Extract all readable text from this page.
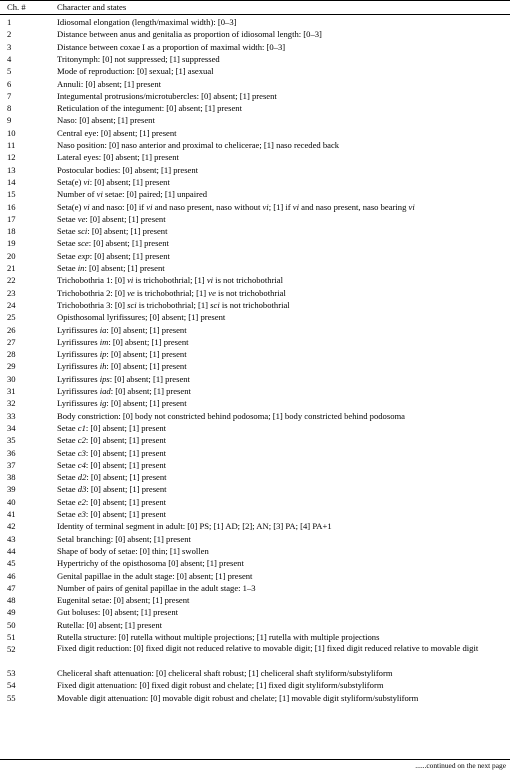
Ch. #	Character and states
1	Idiosomal elongation (length/maximal width): [0–3]
2	Distance between anus and genitalia as proportion of idiosomal length: [0–3]
3	Distance between coxae I as a proportion of maximal width: [0–3]
4	Tritonymph: [0] not suppressed; [1] suppressed
5	Mode of reproduction: [0] sexual; [1] asexual
6	Annuli: [0] absent; [1] present
7	Integumental protrusions/microtubercles: [0] absent; [1] present
8	Reticulation of the integument: [0] absent; [1] present
9	Naso: [0] absent; [1] present
10	Central eye: [0] absent; [1] present
11	Naso position: [0] naso anterior and proximal to chelicerae; [1] naso receded back
12	Lateral eyes: [0] absent; [1] present
13	Postocular bodies: [0] absent; [1] present
14	Seta(e) vi: [0] absent; [1] present
15	Number of vi setae: [0] paired; [1] unpaired
16	Seta(e) vi and naso: [0] if vi and naso present, naso without vi; [1] if vi and naso present, naso bearing vi
17	Setae ve: [0] absent; [1] present
18	Setae sci: [0] absent; [1] present
19	Setae sce: [0] absent; [1] present
20	Setae exp: [0] absent; [1] present
21	Setae in: [0] absent; [1] present
22	Trichobothria 1: [0] vi is trichobothrial; [1] vi is not trichobothrial
23	Trichobothria 2: [0] ve is trichobothrial; [1] ve is not trichobothrial
24	Trichobothria 3: [0] sci is trichobothrial; [1] sci is not trichobothrial
25	Opisthosomal lyrifissures; [0] absent; [1] present
26	Lyrifissures ia: [0] absent; [1] present
27	Lyrifissures im: [0] absent; [1] present
28	Lyrifissures ip: [0] absent; [1] present
29	Lyrifissures ih: [0] absent; [1] present
30	Lyrifissures ips: [0] absent; [1] present
31	Lyrifissures iad: [0] absent; [1] present
32	Lyrifissures ig: [0] absent; [1] present
33	Body constriction: [0] body not constricted behind podosoma; [1] body constricted behind podosoma
34	Setae c1: [0] absent; [1] present
35	Setae c2: [0] absent; [1] present
36	Setae c3: [0] absent; [1] present
37	Setae c4: [0] absent; [1] present
38	Setae d2: [0] absent; [1] present
39	Setae d3: [0] absent; [1] present
40	Setae e2: [0] absent; [1] present
41	Setae e3: [0] absent; [1] present
42	Identity of terminal segment in adult: [0] PS; [1] AD; [2]; AN; [3] PA; [4] PA+1
43	Setal branching: [0] absent; [1] present
44	Shape of body of setae: [0] thin; [1] swollen
45	Hypertrichy of the opisthosoma [0] absent; [1] present
46	Genital papillae in the adult stage: [0] absent; [1] present
47	Number of pairs of genital papillae in the adult stage: 1–3
48	Eugenital setae: [0] absent; [1] present
49	Gut boluses: [0] absent; [1] present
50	Rutella: [0] absent; [1] present
51	Rutella structure: [0] rutella without multiple projections; [1] rutella with multiple projections
52	Fixed digit reduction: [0] fixed digit not reduced relative to movable digit; [1] fixed digit reduced relative to movable digit
53	Cheliceral shaft attenuation: [0] cheliceral shaft robust; [1] cheliceral shaft styliform/substyliform
54	Fixed digit attenuation: [0] fixed digit robust and chelate; [1] fixed digit styliform/substyliform
55	Movable digit attenuation: [0] movable digit robust and chelate; [1] movable digit styliform/substyliform
......continued on the next page
